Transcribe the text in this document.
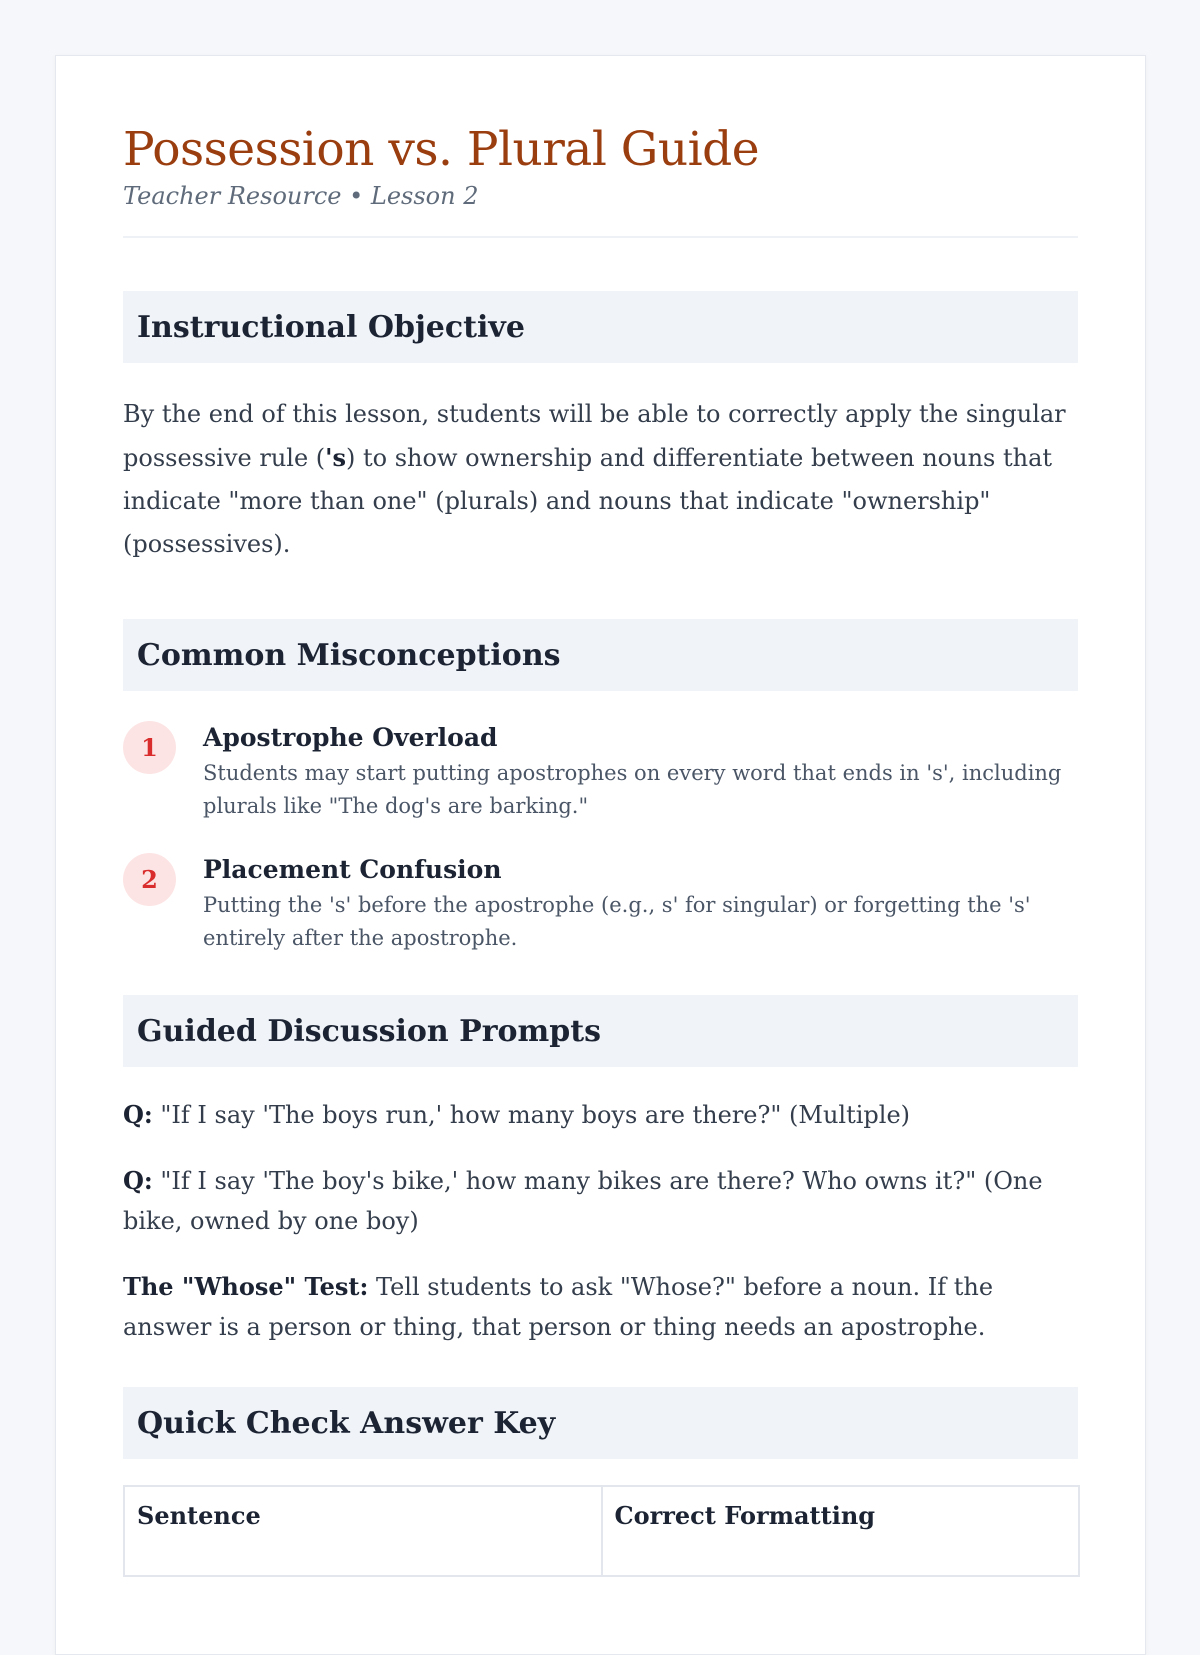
Possession vs. Plural Guide
Teacher Resource • Lesson 2
Instructional Objective

By the end of this lesson, students will be able to correctly apply the singular possessive rule ('s) to show ownership and differentiate between nouns that indicate "more than one" (plurals) and nouns that indicate "ownership" (possessives).

Common Misconceptions
1	Apostrophe Overload
Students may start putting apostrophes on every word that ends in 's', including plurals like "The dog's are barking."
2	Placement Confusion
Putting the 's' before the apostrophe (e.g., s' for singular) or forgetting the 's' entirely after the apostrophe.
Guided Discussion Prompts

Q: "If I say 'The boys run,' how many boys are there?" (Multiple)

Q: "If I say 'The boy's bike,' how many bikes are there? Who owns it?" (One bike, owned by one boy)

The "Whose" Test: Tell students to ask "Whose?" before a noun. If the answer is a person or thing, that person or thing needs an apostrophe.

Quick Check Answer Key
Sentence	Correct Formatting
